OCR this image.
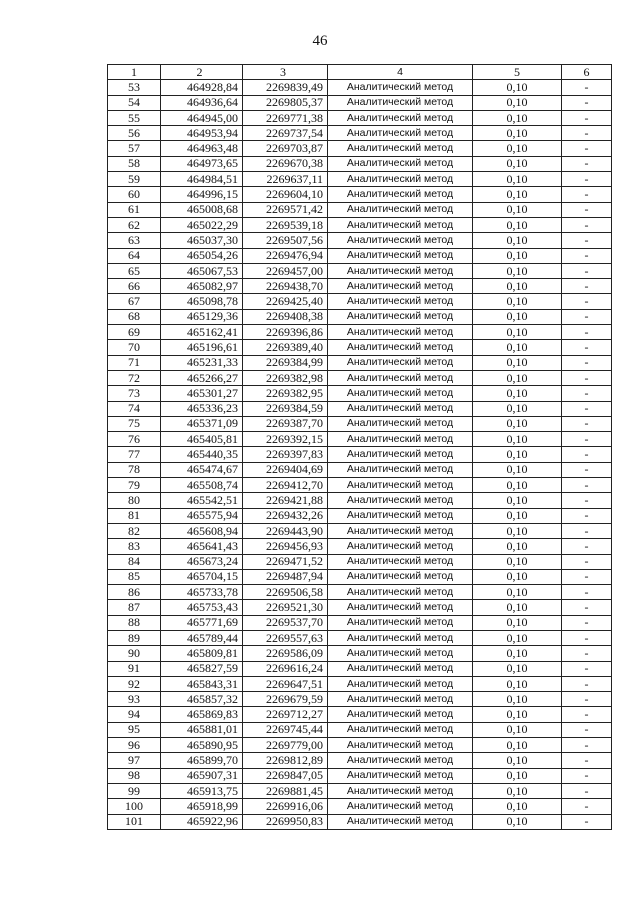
46
1	2	3	4	5	6
53	464928,84	2269839,49	Аналитический метод	0,10	-
54	464936,64	2269805,37	Аналитический метод	0,10	-
55	464945,00	2269771,38	Аналитический метод	0,10	-
56	464953,94	2269737,54	Аналитический метод	0,10	-
57	464963,48	2269703,87	Аналитический метод	0,10	-
58	464973,65	2269670,38	Аналитический метод	0,10	-
59	464984,51	2269637,11	Аналитический метод	0,10	-
60	464996,15	2269604,10	Аналитический метод	0,10	-
61	465008,68	2269571,42	Аналитический метод	0,10	-
62	465022,29	2269539,18	Аналитический метод	0,10	-
63	465037,30	2269507,56	Аналитический метод	0,10	-
64	465054,26	2269476,94	Аналитический метод	0,10	-
65	465067,53	2269457,00	Аналитический метод	0,10	-
66	465082,97	2269438,70	Аналитический метод	0,10	-
67	465098,78	2269425,40	Аналитический метод	0,10	-
68	465129,36	2269408,38	Аналитический метод	0,10	-
69	465162,41	2269396,86	Аналитический метод	0,10	-
70	465196,61	2269389,40	Аналитический метод	0,10	-
71	465231,33	2269384,99	Аналитический метод	0,10	-
72	465266,27	2269382,98	Аналитический метод	0,10	-
73	465301,27	2269382,95	Аналитический метод	0,10	-
74	465336,23	2269384,59	Аналитический метод	0,10	-
75	465371,09	2269387,70	Аналитический метод	0,10	-
76	465405,81	2269392,15	Аналитический метод	0,10	-
77	465440,35	2269397,83	Аналитический метод	0,10	-
78	465474,67	2269404,69	Аналитический метод	0,10	-
79	465508,74	2269412,70	Аналитический метод	0,10	-
80	465542,51	2269421,88	Аналитический метод	0,10	-
81	465575,94	2269432,26	Аналитический метод	0,10	-
82	465608,94	2269443,90	Аналитический метод	0,10	-
83	465641,43	2269456,93	Аналитический метод	0,10	-
84	465673,24	2269471,52	Аналитический метод	0,10	-
85	465704,15	2269487,94	Аналитический метод	0,10	-
86	465733,78	2269506,58	Аналитический метод	0,10	-
87	465753,43	2269521,30	Аналитический метод	0,10	-
88	465771,69	2269537,70	Аналитический метод	0,10	-
89	465789,44	2269557,63	Аналитический метод	0,10	-
90	465809,81	2269586,09	Аналитический метод	0,10	-
91	465827,59	2269616,24	Аналитический метод	0,10	-
92	465843,31	2269647,51	Аналитический метод	0,10	-
93	465857,32	2269679,59	Аналитический метод	0,10	-
94	465869,83	2269712,27	Аналитический метод	0,10	-
95	465881,01	2269745,44	Аналитический метод	0,10	-
96	465890,95	2269779,00	Аналитический метод	0,10	-
97	465899,70	2269812,89	Аналитический метод	0,10	-
98	465907,31	2269847,05	Аналитический метод	0,10	-
99	465913,75	2269881,45	Аналитический метод	0,10	-
100	465918,99	2269916,06	Аналитический метод	0,10	-
101	465922,96	2269950,83	Аналитический метод	0,10	-
